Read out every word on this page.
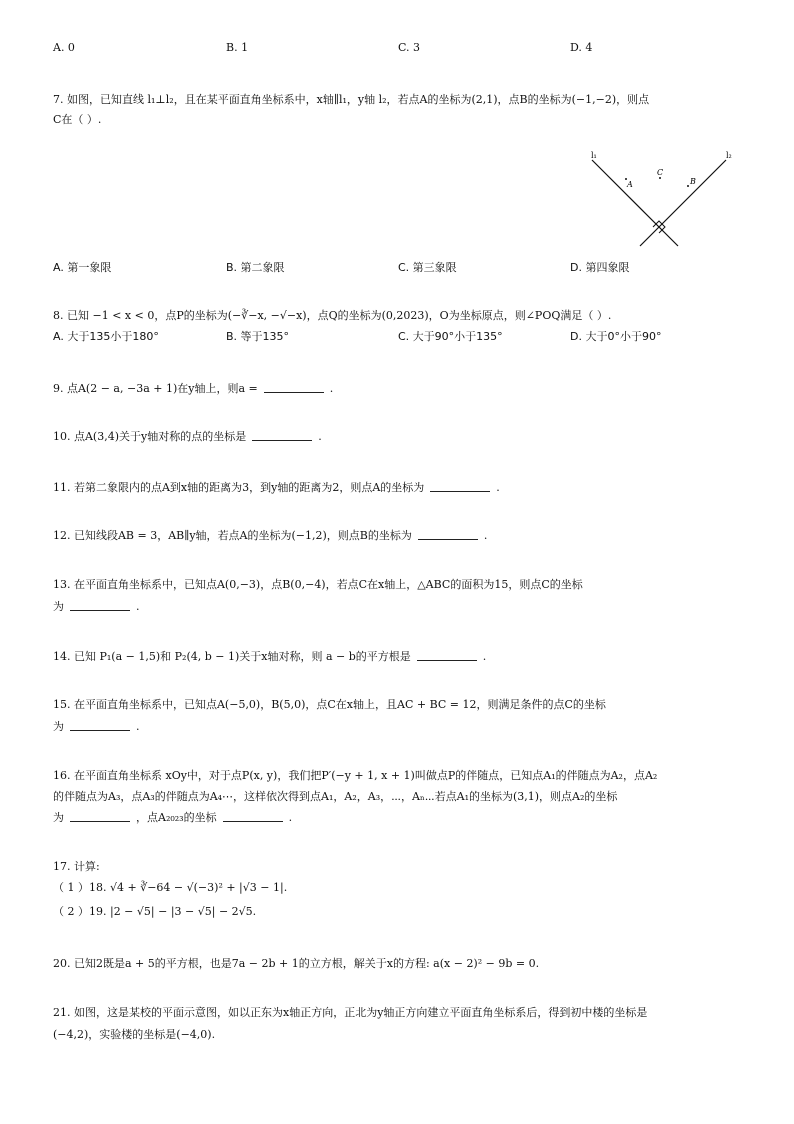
A. 0	B. 1	C. 3	D. 4
7. 如图，已知直线 l₁⊥l₂，且在某平面直角坐标系中，x轴∥l₁，y轴 l₂，若点A的坐标为(2,1)，点B的坐标为(−1,−2)，则点
C在（ ）.
l₁	l₂
A
C
B
A. 第一象限	B. 第二象限	C. 第三象限	D. 第四象限
8. 已知 −1 < x < 0，点P的坐标为(−∛−x, −√−x)，点Q的坐标为(0,2023)，O为坐标原点，则∠POQ满足（ ）.
A. 大于135小于180°	B. 等于135°	C. 大于90°小于135°	D. 大于0°小于90°
9. 点A(2 − a, −3a + 1)在y轴上，则a =	.
10. 点A(3,4)关于y轴对称的点的坐标是	.
11. 若第二象限内的点A到x轴的距离为3，到y轴的距离为2，则点A的坐标为	.
12. 已知线段AB = 3，AB∥y轴，若点A的坐标为(−1,2)，则点B的坐标为	.
13. 在平面直角坐标系中，已知点A(0,−3)，点B(0,−4)，若点C在x轴上，△ABC的面积为15，则点C的坐标
为	.
14. 已知 P₁(a − 1,5)和 P₂(4, b − 1)关于x轴对称，则 a − b的平方根是	.
15. 在平面直角坐标系中，已知点A(−5,0)，B(5,0)，点C在x轴上，且AC + BC = 12，则满足条件的点C的坐标
为	.
16. 在平面直角坐标系 xOy中，对于点P(x, y)，我们把P′(−y + 1, x + 1)叫做点P的伴随点，已知点A₁的伴随点为A₂，点A₂
的伴随点为A₃，点A₃的伴随点为A₄⋯，这样依次得到点A₁，A₂，A₃，⋯，Aₙ⋯若点A₁的坐标为(3,1)，则点A₂的坐标
为	，点A₂₀₂₃的坐标	.
17. 计算:
（ 1 ）18. √4 + ∛−64 − √(−3)² + |√3 − 1|.
（ 2 ）19. |2 − √5| − |3 − √5| − 2√5.
20. 已知2既是a + 5的平方根，也是7a − 2b + 1的立方根，解关于x的方程: a(x − 2)² − 9b = 0.
21. 如图，这是某校的平面示意图，如以正东为x轴正方向，正北为y轴正方向建立平面直角坐标系后，得到初中楼的坐标是
(−4,2)，实验楼的坐标是(−4,0).
